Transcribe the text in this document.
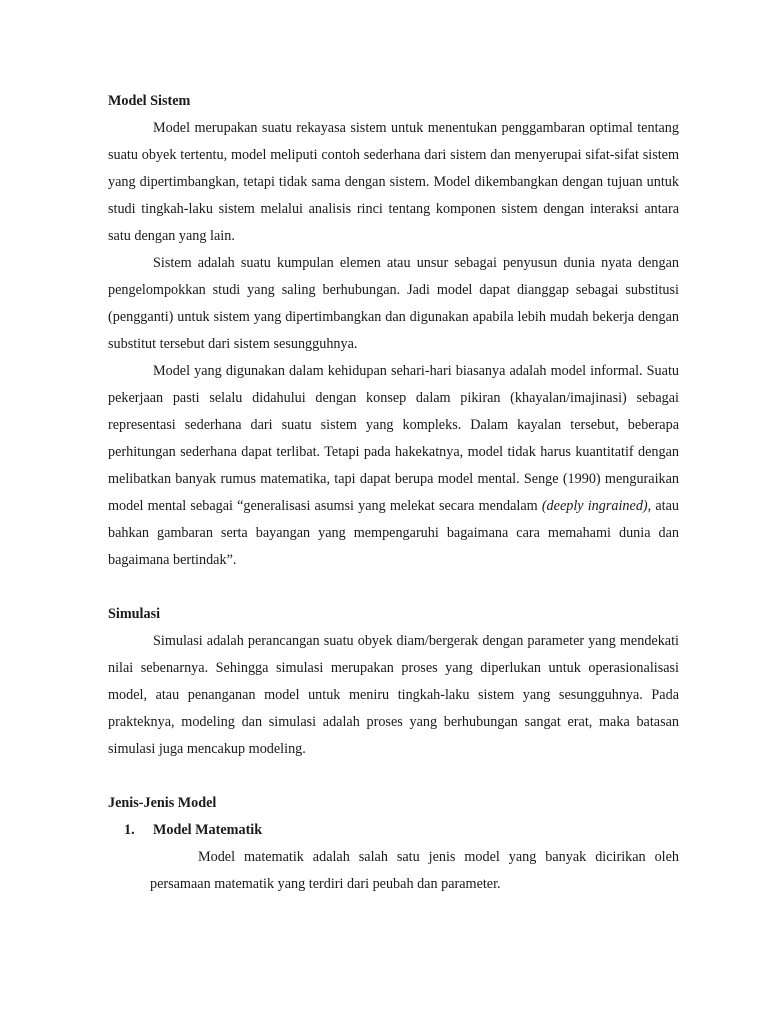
Model Sistem

Model merupakan suatu rekayasa sistem untuk menentukan penggambaran optimal tentang suatu obyek tertentu, model meliputi contoh sederhana dari sistem dan menyerupai sifat-sifat sistem yang dipertimbangkan, tetapi tidak sama dengan sistem. Model dikembangkan dengan tujuan untuk studi tingkah-laku sistem melalui analisis rinci tentang komponen sistem dengan interaksi antara satu dengan yang lain.

Sistem adalah suatu kumpulan elemen atau unsur sebagai penyusun dunia nyata dengan pengelompokkan studi yang saling berhubungan. Jadi model dapat dianggap sebagai substitusi (pengganti) untuk sistem yang dipertimbangkan dan digunakan apabila lebih mudah bekerja dengan substitut tersebut dari sistem sesungguhnya.

Model yang digunakan dalam kehidupan sehari-hari biasanya adalah model informal. Suatu pekerjaan pasti selalu didahului dengan konsep dalam pikiran (khayalan/imajinasi) sebagai representasi sederhana dari suatu sistem yang kompleks. Dalam kayalan tersebut, beberapa perhitungan sederhana dapat terlibat. Tetapi pada hakekatnya, model tidak harus kuantitatif dengan melibatkan banyak rumus matematika, tapi dapat berupa model mental. Senge (1990) menguraikan model mental sebagai “generalisasi asumsi yang melekat secara mendalam (deeply ingrained), atau bahkan gambaran serta bayangan yang mempengaruhi bagaimana cara memahami dunia dan bagaimana bertindak”.

Simulasi

Simulasi adalah perancangan suatu obyek diam/bergerak dengan parameter yang mendekati nilai sebenarnya. Sehingga simulasi merupakan proses yang diperlukan untuk operasionalisasi model, atau penanganan model untuk meniru tingkah-laku sistem yang sesungguhnya. Pada prakteknya, modeling dan simulasi adalah proses yang berhubungan sangat erat, maka batasan simulasi juga mencakup modeling.

Jenis-Jenis Model
1.	Model Matematik

Model matematik adalah salah satu jenis model yang banyak dicirikan oleh persamaan matematik yang terdiri dari peubah dan parameter.
